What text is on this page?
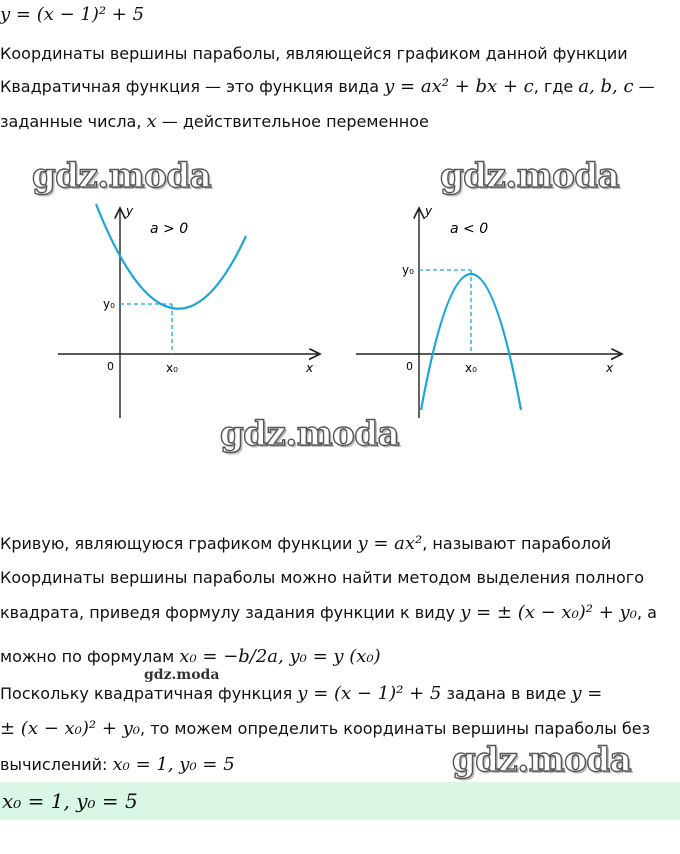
y = (x − 1)² + 5
Координаты вершины параболы, являющейся графиком данной функции
Квадратичная функция — это функция вида y = ax² + bx + c, где a, b, c —
заданные числа, x — действительное переменное
gdz.moda	gdz.moda
a > 0
y
x
0	x₀
y₀
a < 0
y
x
0	x₀
y₀
gdz.moda
Кривую, являющуюся графиком функции y = ax², называют параболой
Координаты вершины параболы можно найти методом выделения полного
квадрата, приведя формулу задания функции к виду y = ± (x − x₀)² + y₀, а
можно по формулам x₀ = −b/2a, y₀ = y (x₀)
gdz.moda
Поскольку квадратичная функция y = (x − 1)² + 5 задана в виде y =
± (x − x₀)² + y₀, то можем определить координаты вершины параболы без
вычислений: x₀ = 1, y₀ = 5	gdz.moda
x₀ = 1, y₀ = 5
